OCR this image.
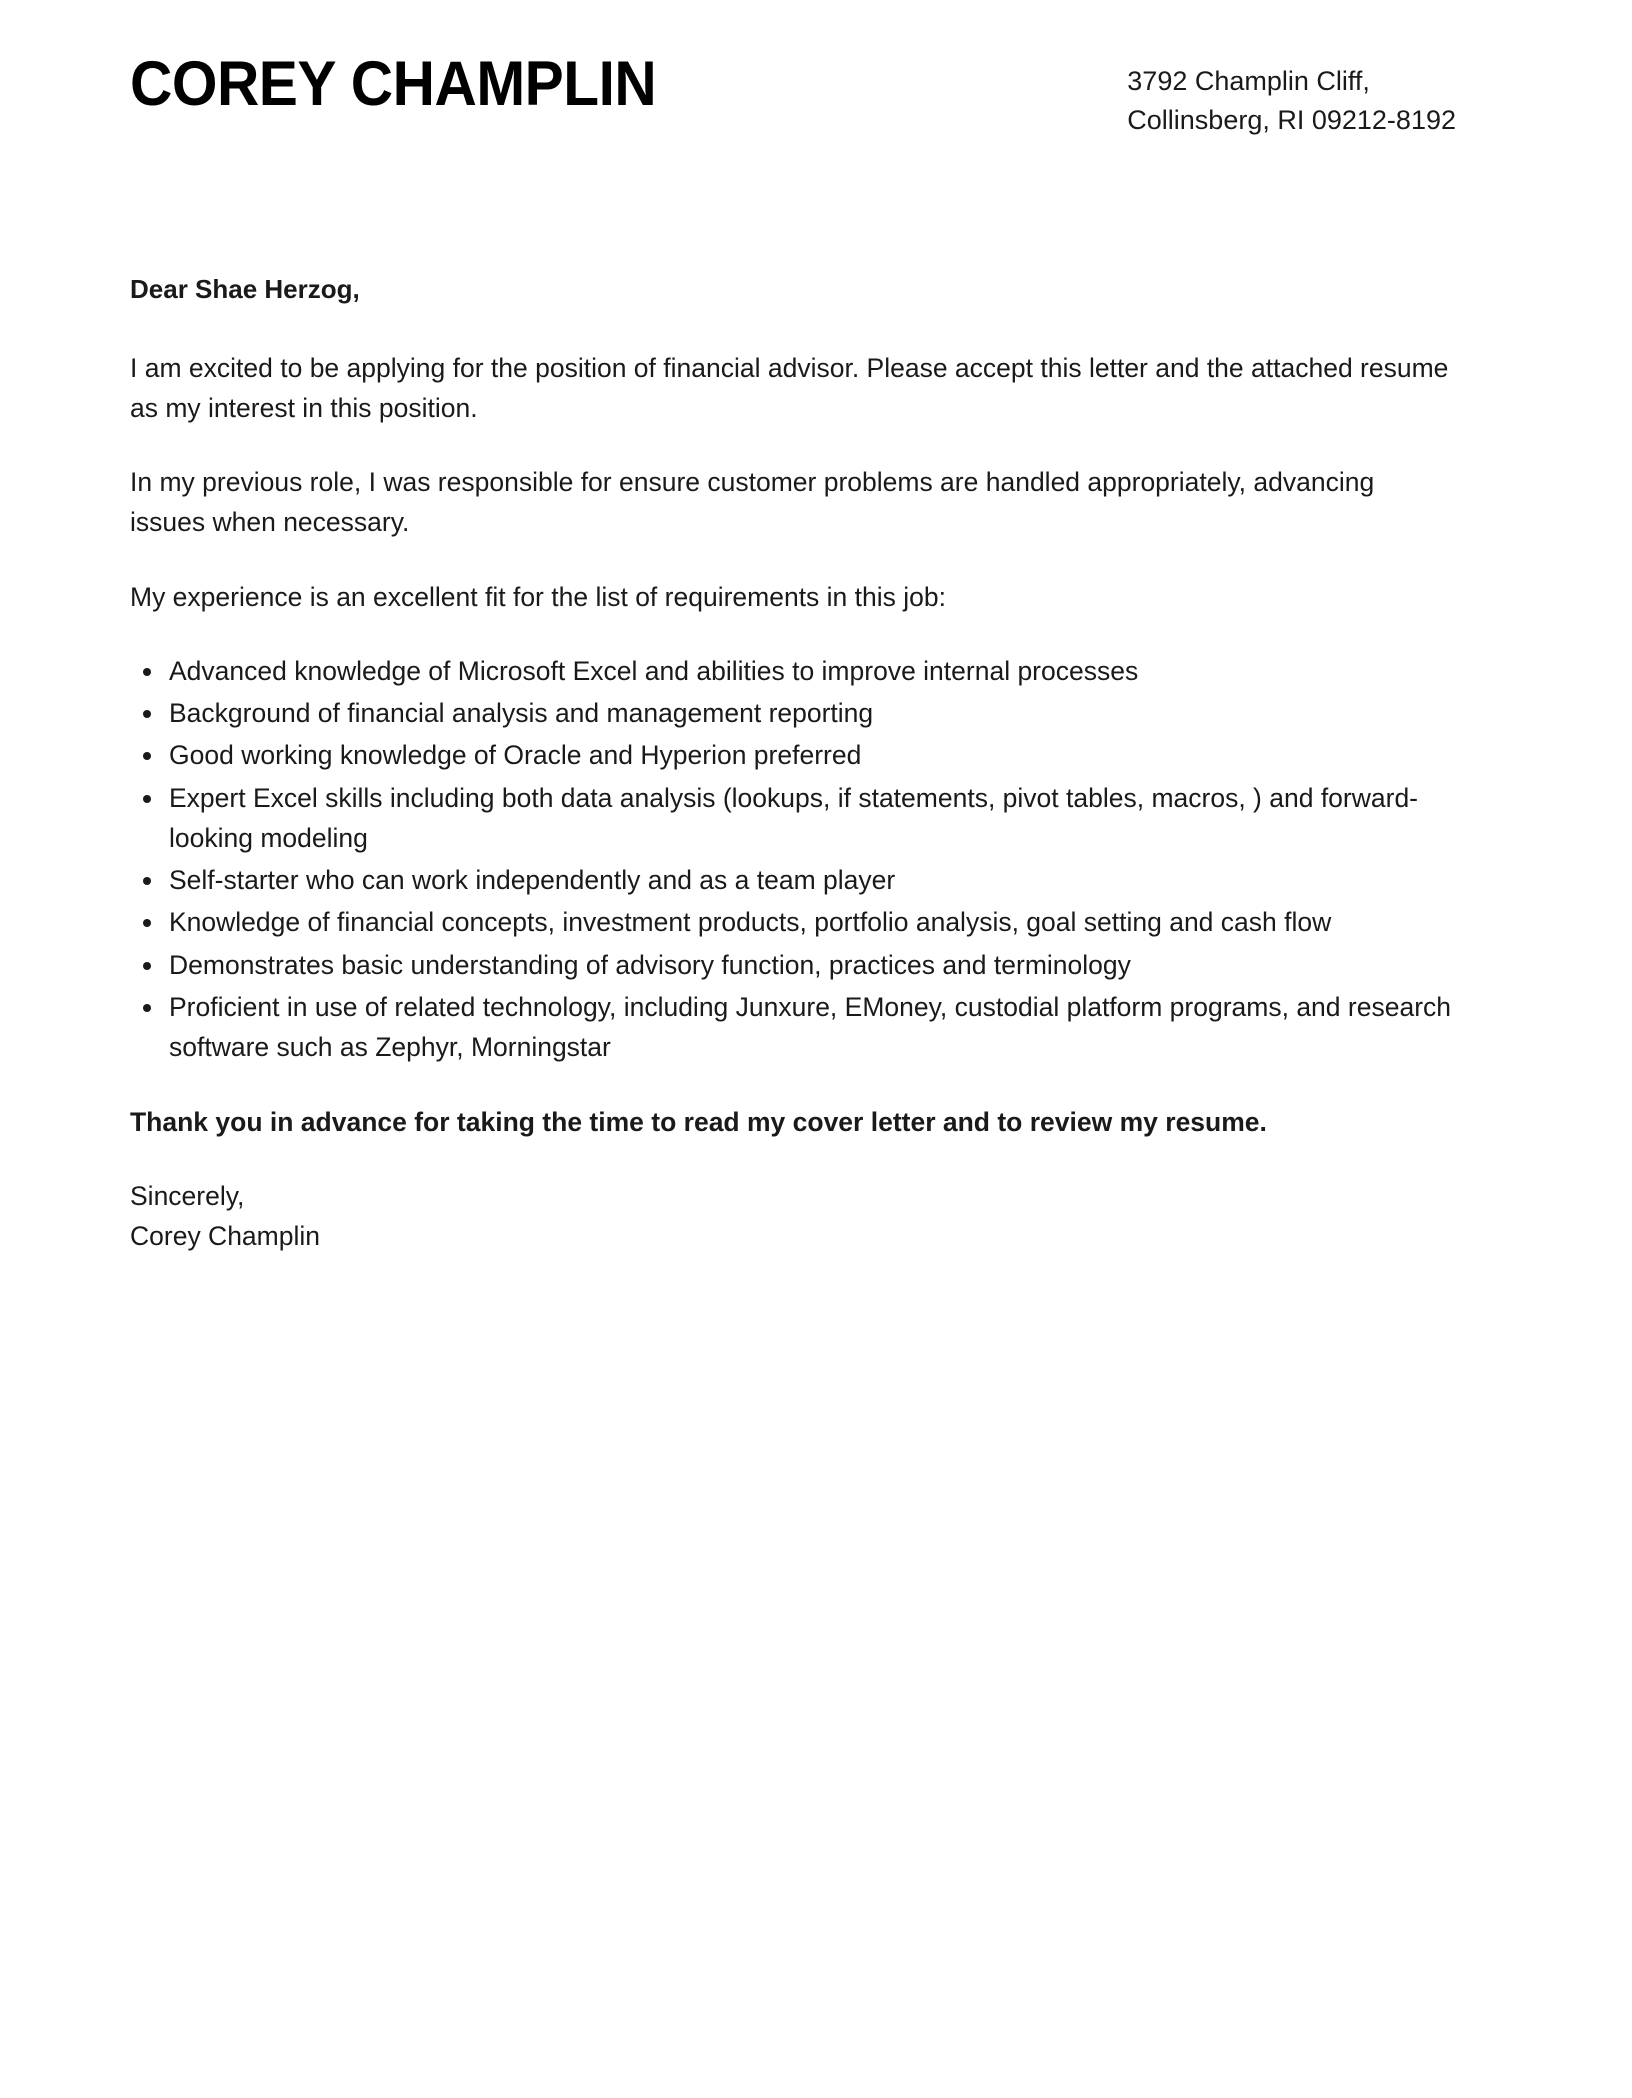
COREY CHAMPLIN	3792 Champlin Cliff,
Collinsberg, RI 09212-8192

Dear Shae Herzog,

I am excited to be applying for the position of financial advisor. Please accept this letter and the attached resume as my interest in this position.

In my previous role, I was responsible for ensure customer problems are handled appropriately, advancing issues when necessary.

My experience is an excellent fit for the list of requirements in this job:

Advanced knowledge of Microsoft Excel and abilities to improve internal processes
Background of financial analysis and management reporting
Good working knowledge of Oracle and Hyperion preferred
Expert Excel skills including both data analysis (lookups, if statements, pivot tables, macros, ) and forward-looking modeling
Self-starter who can work independently and as a team player
Knowledge of financial concepts, investment products, portfolio analysis, goal setting and cash flow
Demonstrates basic understanding of advisory function, practices and terminology
Proficient in use of related technology, including Junxure, EMoney, custodial platform programs, and research software such as Zephyr, Morningstar

Thank you in advance for taking the time to read my cover letter and to review my resume.

Sincerely,
Corey Champlin
